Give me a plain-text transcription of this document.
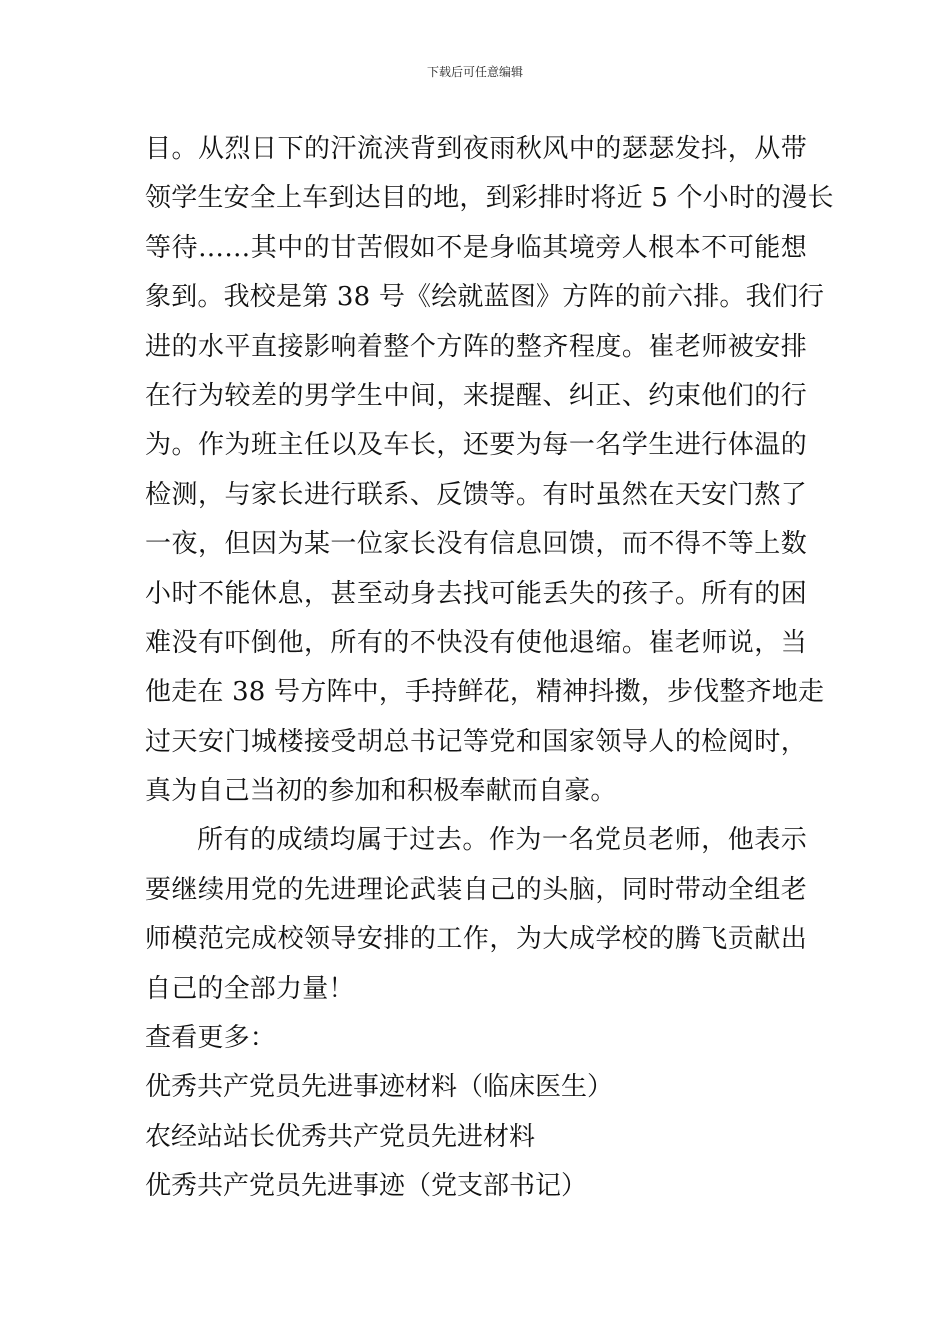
下载后可任意编辑
目。从烈日下的汗流浃背到夜雨秋风中的瑟瑟发抖，从带
领学生安全上车到达目的地，到彩排时将近 5 个小时的漫长
等待……其中的甘苦假如不是身临其境旁人根本不可能想
象到。我校是第 38 号《绘就蓝图》方阵的前六排。我们行
进的水平直接影响着整个方阵的整齐程度。崔老师被安排
在行为较差的男学生中间，来提醒、纠正、约束他们的行
为。作为班主任以及车长，还要为每一名学生进行体温的
检测，与家长进行联系、反馈等。有时虽然在天安门熬了
一夜，但因为某一位家长没有信息回馈，而不得不等上数
小时不能休息，甚至动身去找可能丢失的孩子。所有的困
难没有吓倒他，所有的不快没有使他退缩。崔老师说，当
他走在 38 号方阵中，手持鲜花，精神抖擞，步伐整齐地走
过天安门城楼接受胡总书记等党和国家领导人的检阅时，
真为自己当初的参加和积极奉献而自豪。
所有的成绩均属于过去。作为一名党员老师，他表示
要继续用党的先进理论武装自己的头脑，同时带动全组老
师模范完成校领导安排的工作，为大成学校的腾飞贡献出
自己的全部力量！
查看更多：
优秀共产党员先进事迹材料（临床医生）
农经站站长优秀共产党员先进材料
优秀共产党员先进事迹（党支部书记）
